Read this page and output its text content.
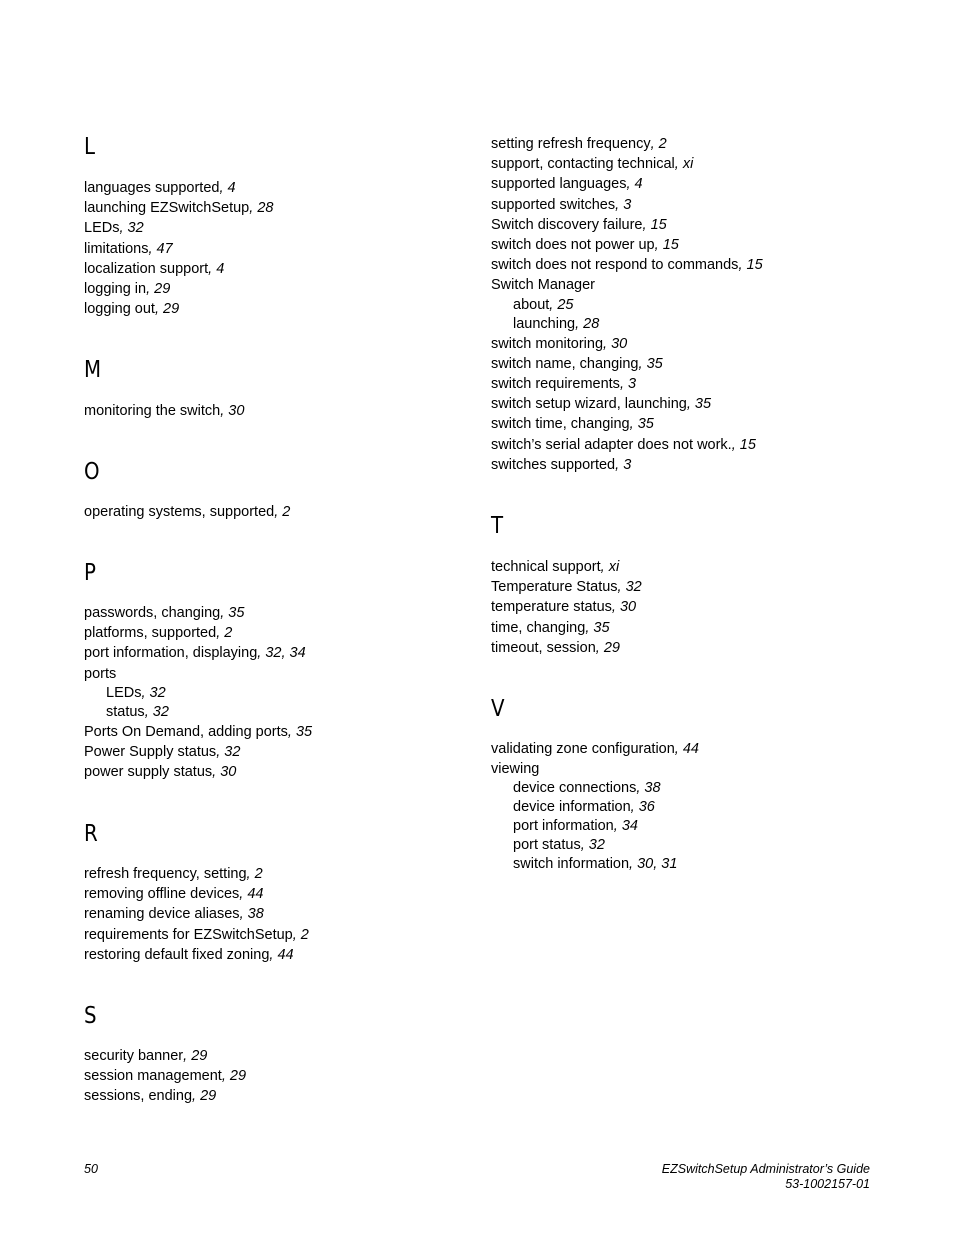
L
languages supported, 4
launching EZSwitchSetup, 28
LEDs, 32
limitations, 47
localization support, 4
logging in, 29
logging out, 29
M
monitoring the switch, 30
O
operating systems, supported, 2
P
passwords, changing, 35
platforms, supported, 2
port information, displaying, 32, 34
ports
LEDs, 32
status, 32
Ports On Demand, adding ports, 35
Power Supply status, 32
power supply status, 30
R
refresh frequency, setting, 2
removing offline devices, 44
renaming device aliases, 38
requirements for EZSwitchSetup, 2
restoring default fixed zoning, 44
S
security banner, 29
session management, 29
sessions, ending, 29
setting refresh frequency, 2
support, contacting technical, xi
supported languages, 4
supported switches, 3
Switch discovery failure, 15
switch does not power up, 15
switch does not respond to commands, 15
Switch Manager
about, 25
launching, 28
switch monitoring, 30
switch name, changing, 35
switch requirements, 3
switch setup wizard, launching, 35
switch time, changing, 35
switch’s serial adapter does not work., 15
switches supported, 3
T
technical support, xi
Temperature Status, 32
temperature status, 30
time, changing, 35
timeout, session, 29
V
validating zone configuration, 44
viewing
device connections, 38
device information, 36
port information, 34
port status, 32
switch information, 30, 31
50	EZSwitchSetup Administrator’s Guide
53-1002157-01
